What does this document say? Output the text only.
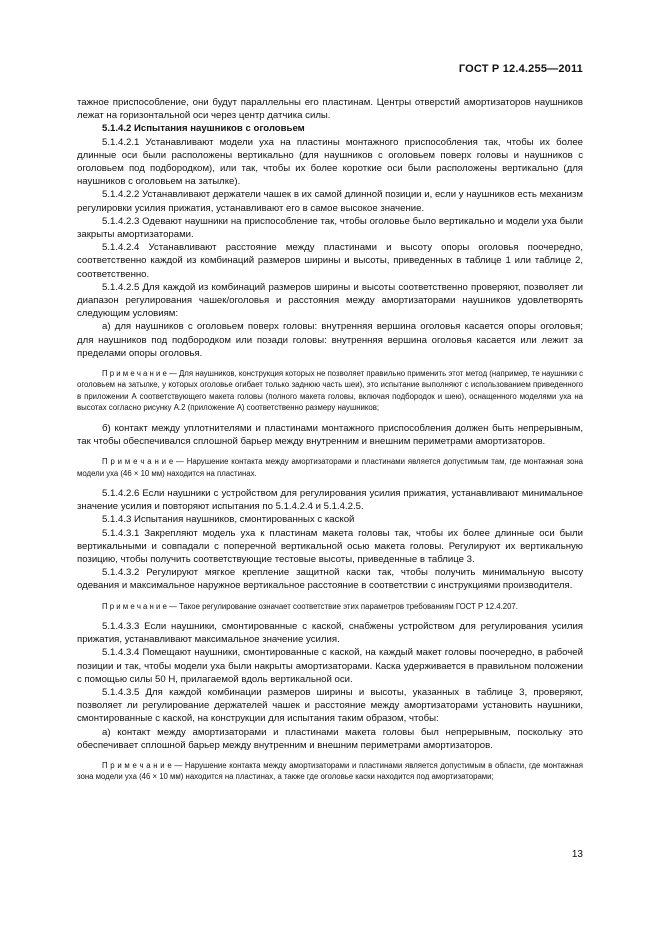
ГОСТ Р 12.4.255—2011

тажное приспособление, они будут параллельны его пластинам. Центры отверстий амортизаторов наушников лежат на горизонтальной оси через центр датчика силы.

5.1.4.2 Испытания наушников с оголовьем

5.1.4.2.1 Устанавливают модели уха на пластины монтажного приспособления так, чтобы их более длинные оси были расположены вертикально (для наушников с оголовьем поверх головы и наушников с оголовьем под подбородком), или так, чтобы их более короткие оси были расположены вертикально (для наушников с оголовьем на затылке).

5.1.4.2.2 Устанавливают держатели чашек в их самой длинной позиции и, если у наушников есть механизм регулировки усилия прижатия, устанавливают его в самое высокое значение.

5.1.4.2.3 Одевают наушники на приспособление так, чтобы оголовье было вертикально и модели уха были закрыты амортизаторами.

5.1.4.2.4 Устанавливают расстояние между пластинами и высоту опоры оголовья поочередно, соответственно каждой из комбинаций размеров ширины и высоты, приведенных в таблице 1 или таблице 2, соответственно.

5.1.4.2.5 Для каждой из комбинаций размеров ширины и высоты соответственно проверяют, позволяет ли диапазон регулирования чашек/оголовья и расстояния между амортизаторами наушников удовлетворять следующим условиям:

а) для наушников с оголовьем поверх головы: внутренняя вершина оголовья касается опоры оголовья; для наушников под подбородком или позади головы: внутренняя вершина оголовья касается или лежит за пределами опоры оголовья.

П р и м е ч а н и е — Для наушников, конструкция которых не позволяет правильно применить этот метод (например, те наушники с оголовьем на затылке, у которых оголовье огибает только заднюю часть шеи), это испытание выполняют с использованием приведенного в приложении А соответствующего макета головы (полного макета головы, включая подбородок и шею), оснащенного моделями уха на высотах согласно рисунку А.2 (приложение А) соответственно размеру наушников;

б) контакт между уплотнителями и пластинами монтажного приспособления должен быть непрерывным, так чтобы обеспечивался сплошной барьер между внутренним и внешним периметрами амортизаторов.

П р и м е ч а н и е — Нарушение контакта между амортизаторами и пластинами является допустимым там, где монтажная зона модели уха (46 × 10 мм) находится на пластинах.

5.1.4.2.6 Если наушники с устройством для регулирования усилия прижатия, устанавливают минимальное значение усилия и повторяют испытания по 5.1.4.2.4 и 5.1.4.2.5.

5.1.4.3 Испытания наушников, смонтированных с каской

5.1.4.3.1 Закрепляют модель уха к пластинам макета головы так, чтобы их более длинные оси были вертикальными и совпадали с поперечной вертикальной осью макета головы. Регулируют их вертикальную позицию, чтобы получить соответствующие тестовые высоты, приведенные в таблице 3.

5.1.4.3.2 Регулируют мягкое крепление защитной каски так, чтобы получить минимальную высоту одевания и максимальное наружное вертикальное расстояние в соответствии с инструкциями производителя.

П р и м е ч а н и е — Такое регулирование означает соответствие этих параметров требованиям ГОСТ Р 12.4.207.

5.1.4.3.3 Если наушники, смонтированные с каской, снабжены устройством для регулирования усилия прижатия, устанавливают максимальное значение усилия.

5.1.4.3.4 Помещают наушники, смонтированные с каской, на каждый макет головы поочередно, в рабочей позиции и так, чтобы модели уха были накрыты амортизаторами. Каска удерживается в правильном положении с помощью силы 50 Н, прилагаемой вдоль вертикальной оси.

5.1.4.3.5 Для каждой комбинации размеров ширины и высоты, указанных в таблице 3, проверяют, позволяет ли регулирование держателей чашек и расстояние между амортизаторами установить наушники, смонтированные с каской, на конструкции для испытания таким образом, чтобы:

а) контакт между амортизаторами и пластинами макета головы был непрерывным, поскольку это обеспечивает сплошной барьер между внутренним и внешним периметрами амортизаторов.

П р и м е ч а н и е — Нарушение контакта между амортизаторами и пластинами является допустимым в области, где монтажная зона модели уха (46 × 10 мм) находится на пластинах, а также где оголовье каски находится под амортизаторами;

13
